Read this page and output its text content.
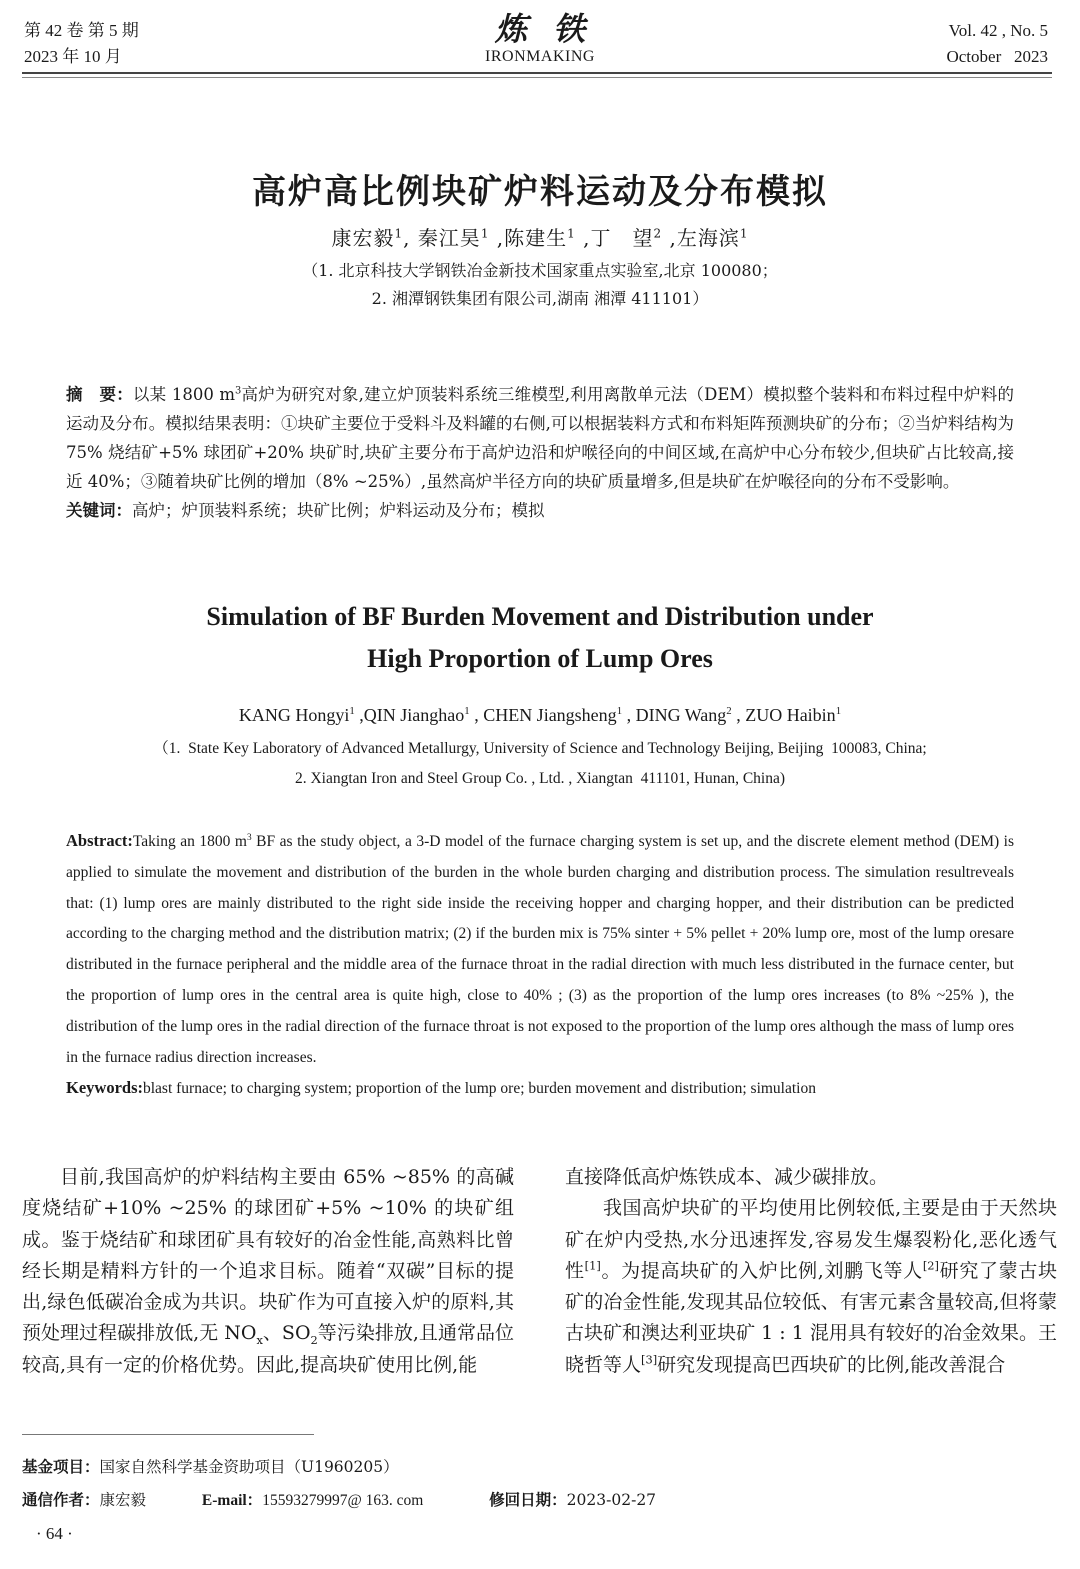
第 42 卷 第 5 期
2023 年 10 月
炼铁
IRONMAKING
Vol. 42 , No. 5
October   2023
高炉高比例块矿炉料运动及分布模拟
康宏毅$^1$, 秦江昊$^1$ ,陈建生$^1$ ,丁　望$^2$ ,左海滨$^1$
（1. 北京科技大学钢铁冶金新技术国家重点实验室,北京 100080；
2. 湘潭钢铁集团有限公司,湖南 湘潭 411101）
摘　要：以某 1800 $m^3$高炉为研究对象,建立炉顶装料系统三维模型,利用离散单元法（DEM）模拟整个装料和布料过程中炉料的运动及分布。模拟结果表明：①块矿主要位于受料斗及料罐的右侧,可以根据装料方式和布料矩阵预测块矿的分布；②当炉料结构为 75% 烧结矿+5% 球团矿+20% 块矿时,块矿主要分布于高炉边沿和炉喉径向的中间区域,在高炉中心分布较少,但块矿占比较高,接近 40%；③随着块矿比例的增加（8% ~25%）,虽然高炉半径方向的块矿质量增多,但是块矿在炉喉径向的分布不受影响。
关键词：高炉；炉顶装料系统；块矿比例；炉料运动及分布；模拟
Simulation of BF Burden Movement and Distribution under
High Proportion of Lump Ores
KANG Hongyi$^1$ ,QIN Jianghao$^1$ , CHEN Jiangsheng$^1$ , DING Wang$^2$ , ZUO Haibin$^1$
（1.  State Key Laboratory of Advanced Metallurgy, University of Science and Technology Beijing, Beijing  100083, China;
2. Xiangtan Iron and Steel Group Co. , Ltd. , Xiangtan  411101, Hunan, China)
Abstract:Taking an 1800 $m^3$ BF as the study object, a 3-D model of the furnace charging system is set up, and the discrete element method (DEM) is applied to simulate the movement and distribution of the burden in the whole burden charging and distribution process. The simulation resultreveals that: (1) lump ores are mainly distributed to the right side inside the receiving hopper and charging hopper, and their distribution can be predicted according to the charging method and the distribution matrix; (2) if the burden mix is 75% sinter + 5% pellet + 20% lump ore, most of the lump oresare distributed in the furnace peripheral and the middle area of the furnace throat in the radial direction with much less distributed in the furnace center, but the proportion of lump ores in the central area is quite high, close to 40% ; (3) as the proportion of the lump ores increases (to 8% ~25% ), the distribution of the lump ores in the radial direction of the furnace throat is not exposed to the proportion of the lump ores although the mass of lump ores in the furnace radius direction increases.
Keywords:blast furnace; to charging system; proportion of the lump ore; burden movement and distribution; simulation

目前,我国高炉的炉料结构主要由 65% ~85% 的高碱度烧结矿+10% ~25% 的球团矿+5% ~10% 的块矿组成。鉴于烧结矿和球团矿具有较好的冶金性能,高熟料比曾经长期是精料方针的一个追求目标。随着“双碳”目标的提出,绿色低碳冶金成为共识。块矿作为可直接入炉的原料,其预处理过程碳排放低,无 $NO_x$、$SO_2$等污染排放,且通常品位较高,具有一定的价格优势。因此,提高块矿使用比例,能

直接降低高炉炼铁成本、减少碳排放。

我国高炉块矿的平均使用比例较低,主要是由于天然块矿在炉内受热,水分迅速挥发,容易发生爆裂粉化,恶化透气性[1]。为提高块矿的入炉比例,刘鹏飞等人[2]研究了蒙古块矿的冶金性能,发现其品位较低、有害元素含量较高,但将蒙古块矿和澳达利亚块矿 1 : 1 混用具有较好的冶金效果。王晓哲等人[3]研究发现提高巴西块矿的比例,能改善混合

基金项目：国家自然科学基金资助项目（U1960205）
通信作者：康宏毅	E-mail：15593279997@ 163. com	修回日期：2023-02-27
· 64 ·
